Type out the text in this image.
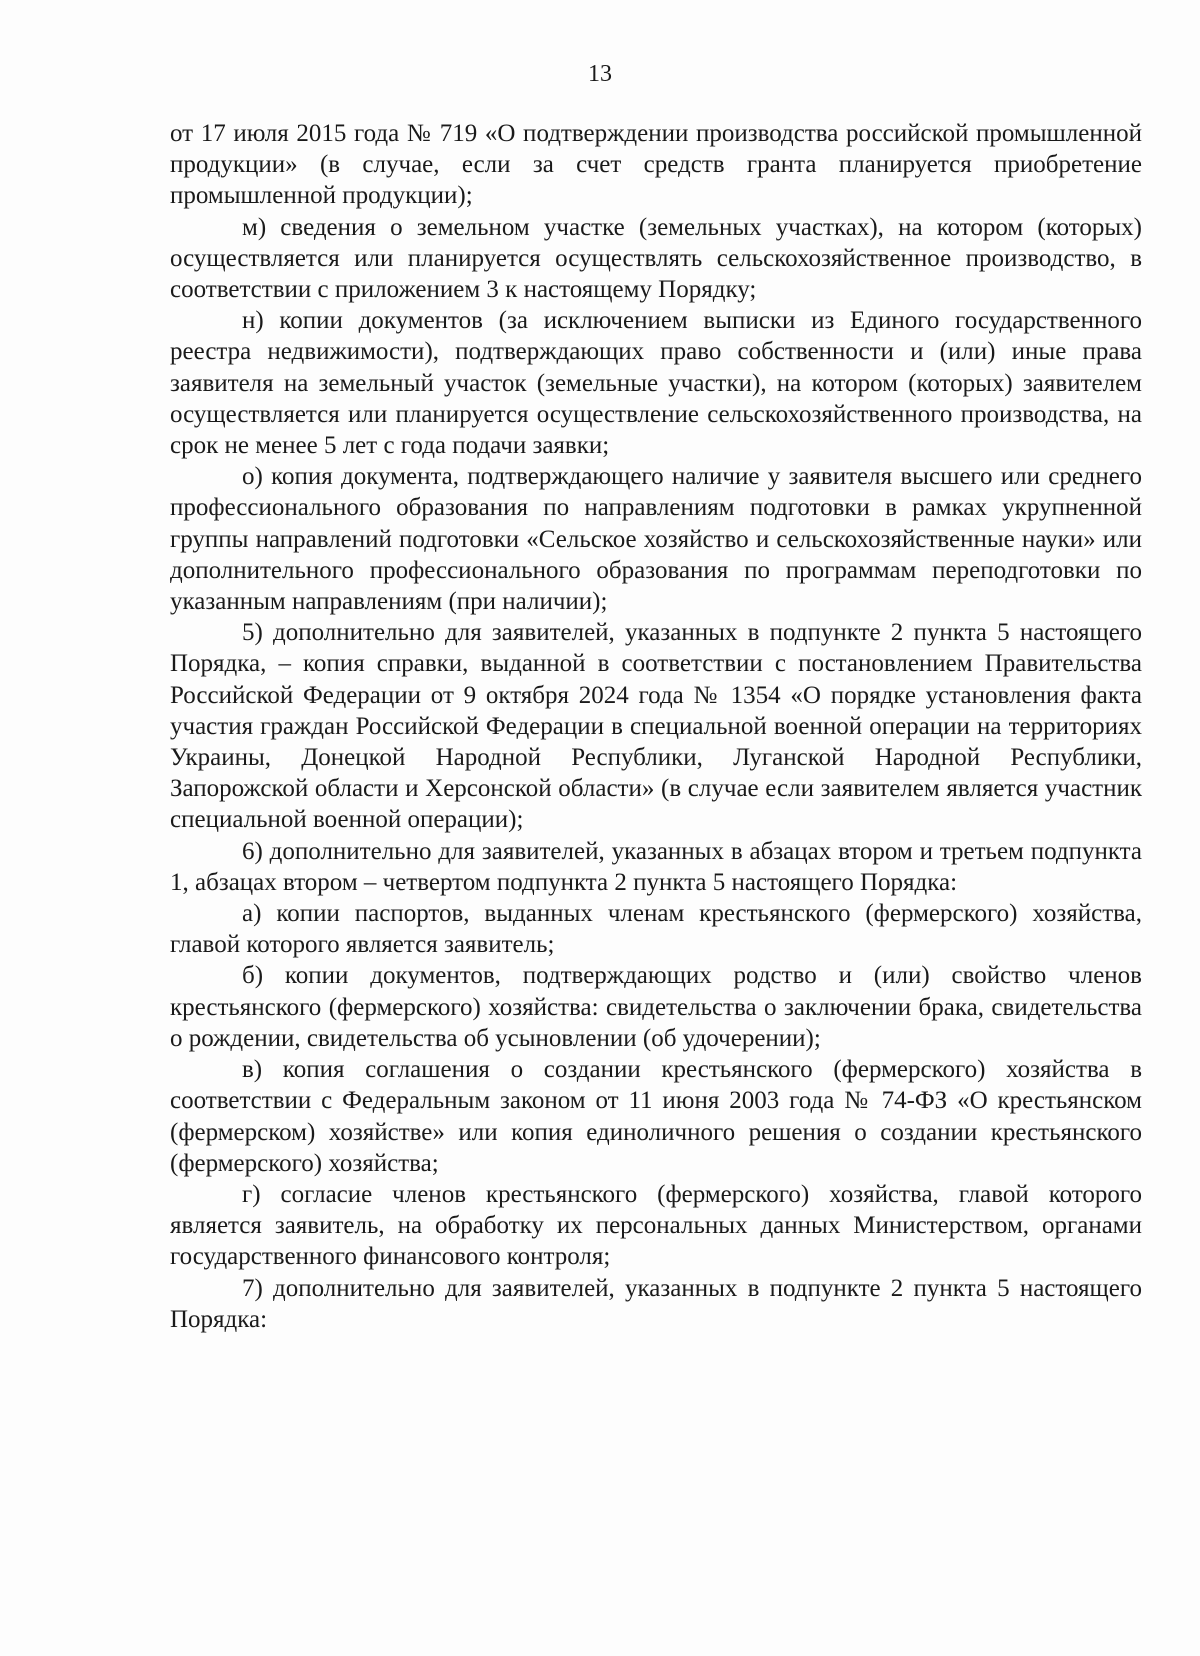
13

от 17 июля 2015 года № 719 «О подтверждении производства российской промышленной продукции» (в случае, если за счет средств гранта планируется приобретение промышленной продукции);

м) сведения о земельном участке (земельных участках), на котором (которых) осуществляется или планируется осуществлять сельскохозяйственное производство, в соответствии с приложением 3 к настоящему Порядку;

н) копии документов (за исключением выписки из Единого государственного реестра недвижимости), подтверждающих право собственности и (или) иные права заявителя на земельный участок (земельные участки), на котором (которых) заявителем осуществляется или планируется осуществление сельскохозяйственного производства, на срок не менее 5 лет с года подачи заявки;

о) копия документа, подтверждающего наличие у заявителя высшего или среднего профессионального образования по направлениям подготовки в рамках укрупненной группы направлений подготовки «Сельское хозяйство и сельскохозяйственные науки» или дополнительного профессионального образования по программам переподготовки по указанным направлениям (при наличии);

5) дополнительно для заявителей, указанных в подпункте 2 пункта 5 настоящего Порядка, – копия справки, выданной в соответствии с постановлением Правительства Российской Федерации от 9 октября 2024 года № 1354 «О порядке установления факта участия граждан Российской Федерации в специальной военной операции на территориях Украины, Донецкой Народной Республики, Луганской Народной Республики, Запорожской области и Херсонской области» (в случае если заявителем является участник специальной военной операции);

6) дополнительно для заявителей, указанных в абзацах втором и третьем подпункта 1, абзацах втором – четвертом подпункта 2 пункта 5 настоящего Порядка:

а) копии паспортов, выданных членам крестьянского (фермерского) хозяйства, главой которого является заявитель;

б) копии документов, подтверждающих родство и (или) свойство членов крестьянского (фермерского) хозяйства: свидетельства о заключении брака, свидетельства о рождении, свидетельства об усыновлении (об удочерении);

в) копия соглашения о создании крестьянского (фермерского) хозяйства в соответствии с Федеральным законом от 11 июня 2003 года № 74-ФЗ «О крестьянском (фермерском) хозяйстве» или копия единоличного решения о создании крестьянского (фермерского) хозяйства;

г) согласие членов крестьянского (фермерского) хозяйства, главой которого является заявитель, на обработку их персональных данных Министерством, органами государственного финансового контроля;

7) дополнительно для заявителей, указанных в подпункте 2 пункта 5 настоящего Порядка:
